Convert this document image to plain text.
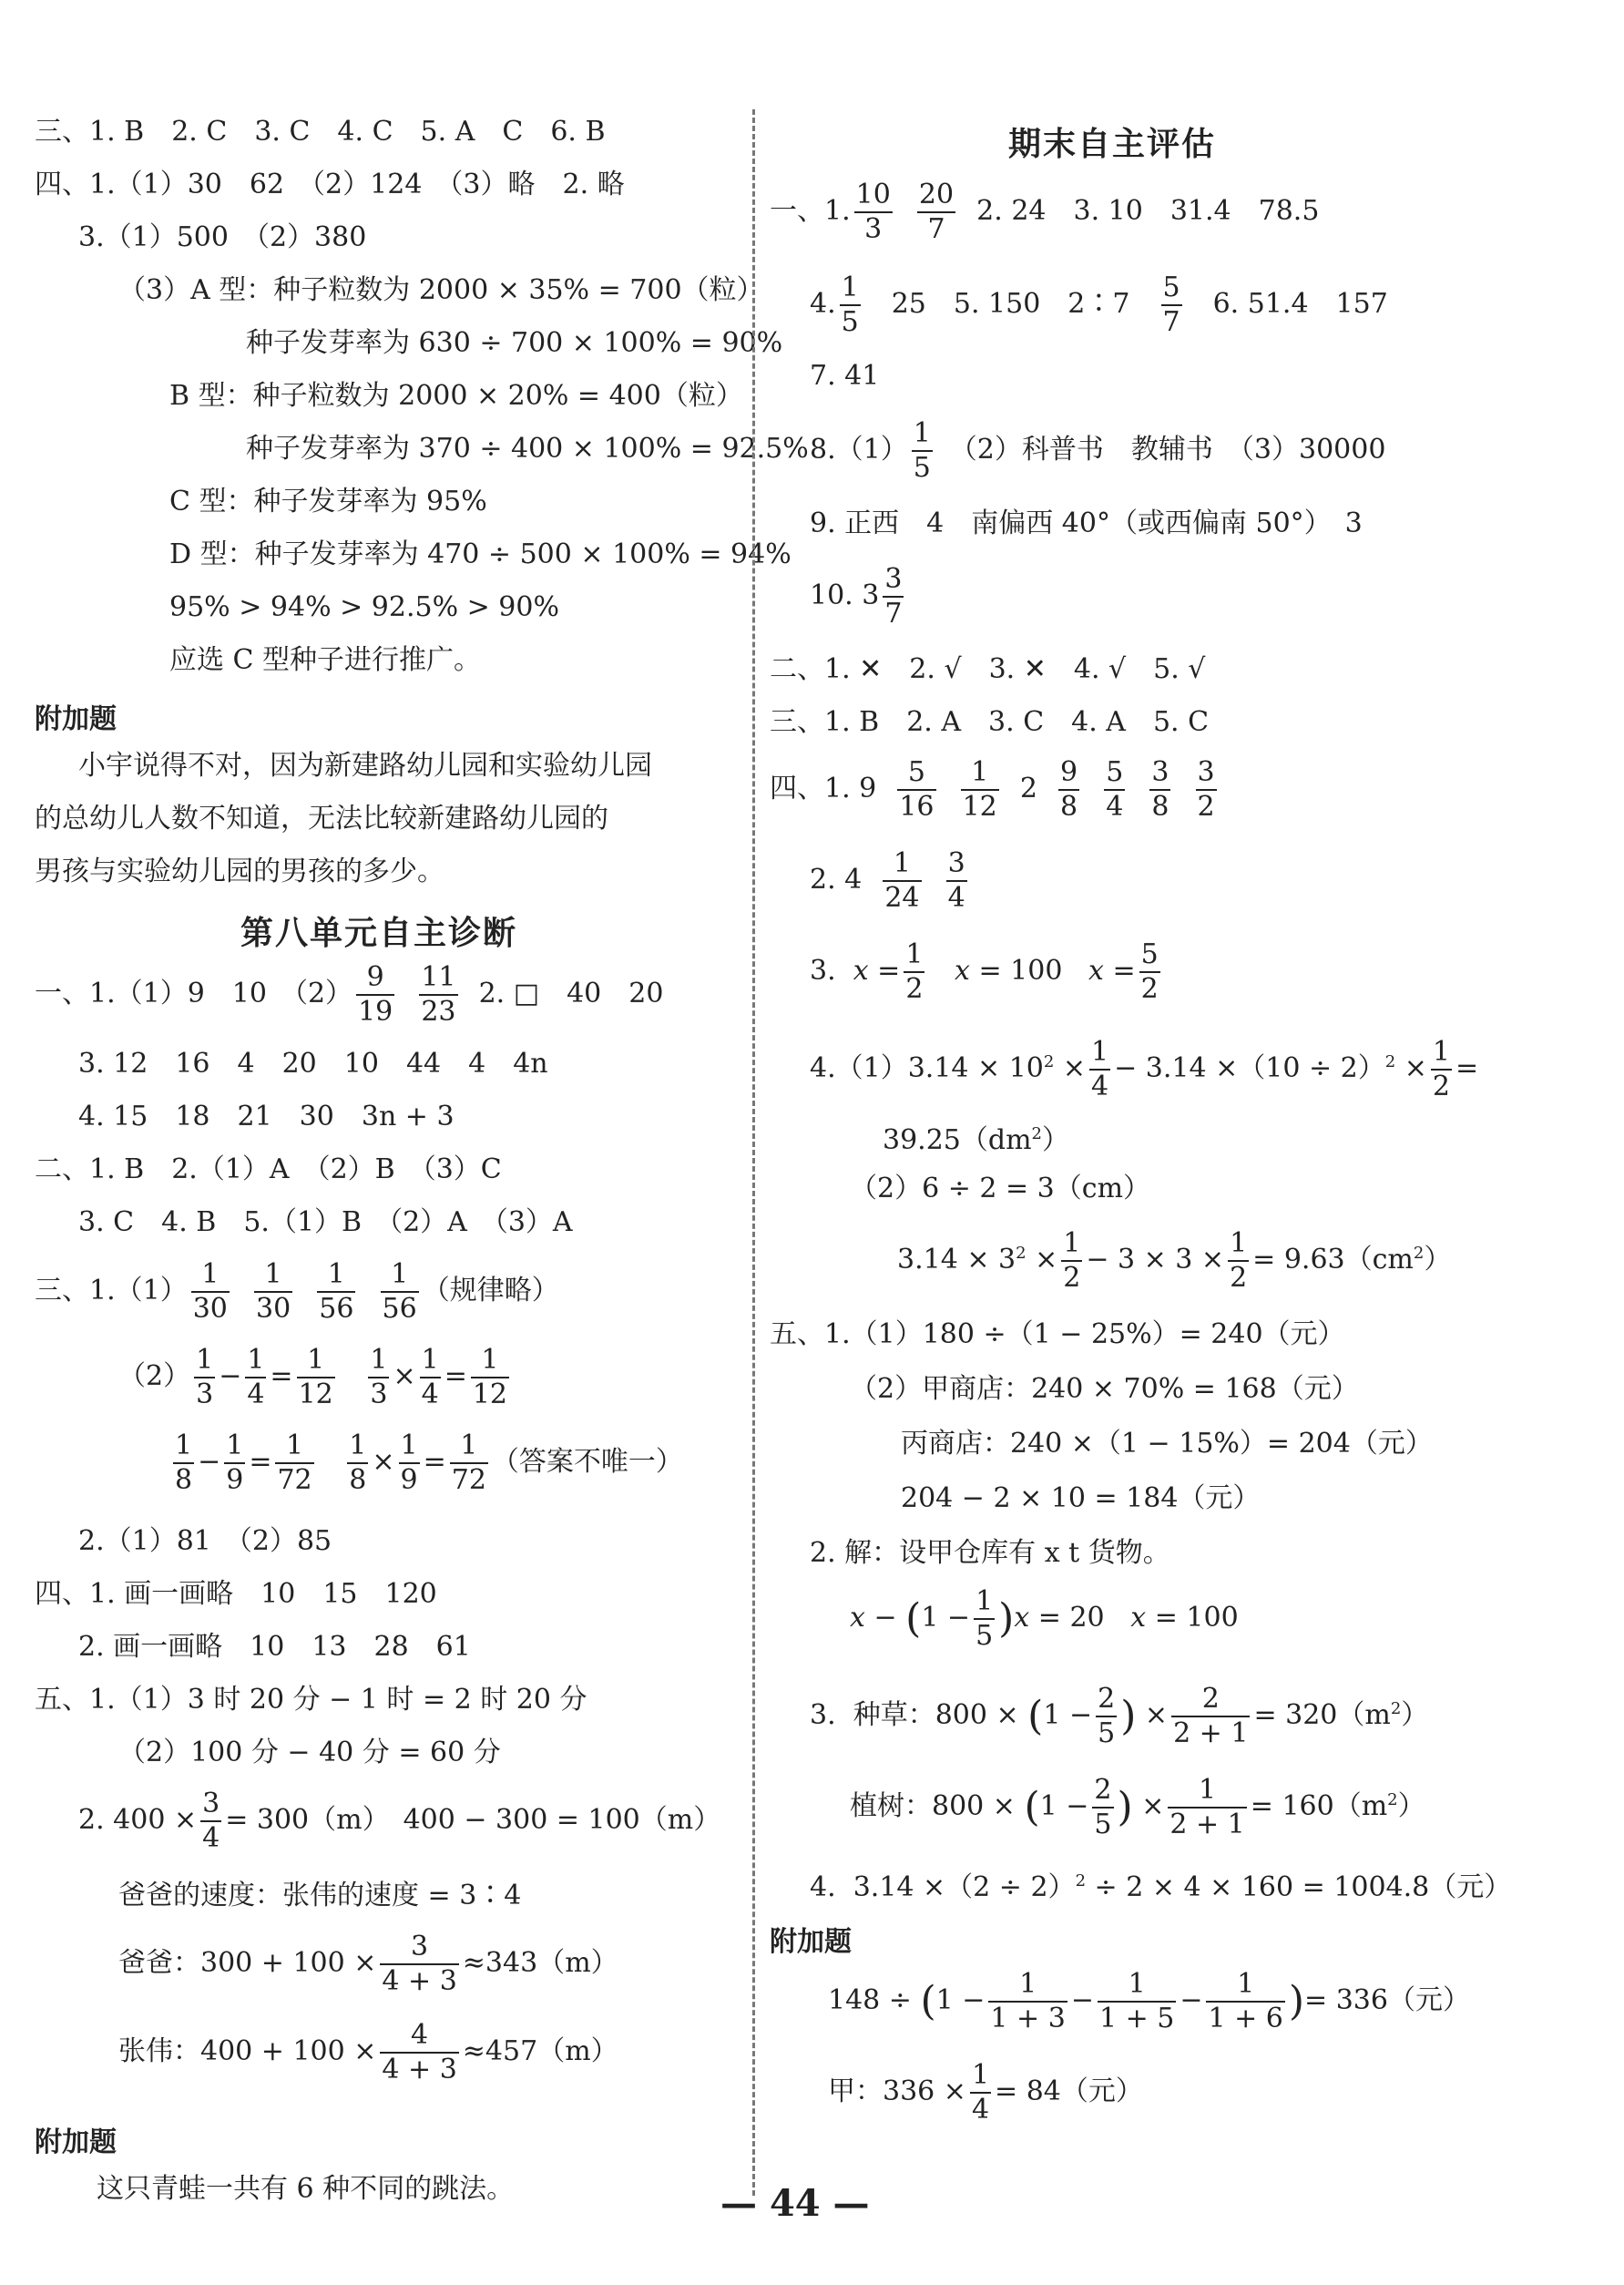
三、1. B　2. C　3. C　4. C　5. A　C　6. B
四、1.（1）30　62　（2）124　（3）略　2. 略
3.（1）500　（2）380
（3）A 型：种子粒数为 2000 × 35% = 700（粒）
种子发芽率为 630 ÷ 700 × 100% = 90%
B 型：种子粒数为 2000 × 20% = 400（粒）
种子发芽率为 370 ÷ 400 × 100% = 92.5%
C 型：种子发芽率为 95%
D 型：种子发芽率为 470 ÷ 500 × 100% = 94%
95% > 94% > 92.5% > 90%
应选 C 型种子进行推广。
附加题
小宇说得不对，因为新建路幼儿园和实验幼儿园
的总幼儿人数不知道，无法比较新建路幼儿园的
男孩与实验幼儿园的男孩的多少。
第八单元自主诊断
一、1.（1）9　10　$(2) \frac{9}{19}$
$\frac{11}{23} 2$. □　40　20
3. 12　16　4　20　10　44　4　4n
4. 15　18　21　30　3n + 3
二、1. B　2.（1）A　（2）B　（3）C
3. C　4. B　5.（1）B　（2）A　（3）A
三、$1.(1) \frac{1}{30}$
$\frac{1}{30}$
$\frac{1}{56}$
$\frac{1}{56}$ （规律略）
$(2) \frac{1}{3} - \frac{1}{4} = \frac{1}{12}$
$\frac{1}{3} \times \frac{1}{4} = \frac{1}{12}$
$\frac{1}{8} - \frac{1}{9} = \frac{1}{72}$
$\frac{1}{8} \times \frac{1}{9} = \frac{1}{72}$ （答案不唯一）
2.（1）81　（2）85
四、1. 画一画略　10　15　120
2. 画一画略　10　13　28　61
五、1.（1）3 时 20 分 − 1 时 = 2 时 20 分
（2）100 分 − 40 分 = 60 分
2. $400 \times \frac{3}{4} = 300(m)$　400 − 300 = 100（m）
爸爸的速度：张伟的速度 = 3∶4
爸爸：$300 + 100 \times \frac{3}{4 + 3} \approx 343(m)$
张伟：$400 + 100 \times \frac{4}{4 + 3} \approx 457(m)$
附加题
这只青蛙一共有 6 种不同的跳法。
期末自主评估
一、1. $\frac{10}{3}$
$\frac{20}{7} 2$. 24　3. 10　31.4　78.5
4. $\frac{1}{5}$ 　25　5. 150　2∶7　 $\frac{5}{7}$ 　6. 51.4　157
7. 41
$8.(1) \frac{1}{5}$ 　（2）科普书　教辅书　（3）30000
9. 正西　4　南偏西 40°（或西偏南 50°）　3
10. $3 \frac{3}{7}$
二、1. ✕　2. √　3. ✕　4. √　5. √
三、1. B　2. A　3. C　4. A　5. C
四、1. $9 \frac{5}{16}$
$\frac{1}{12} 2 \frac{9}{8}$
$\frac{5}{4}$
$\frac{3}{8}$
$\frac{3}{2}$
2. $4 \frac{1}{24}$
$\frac{3}{4}$
3.  $x = \frac{1}{2}$ x = 100   $x = \frac{5}{2}$
$4.(1)3.14 \times 10^2 \times \frac{1}{4} - 3.14 \times(10 \div 2)^2 \times \frac{1}{2}$ =
$39.25(dm^2)$
（2）6 ÷ 2 = 3（cm）
$3.14 \times 3^2 \times \frac{1}{2} - 3 \times 3 \times \frac{1}{2} = 9.63(cm^2)$
五、1.（1）180 ÷（1 − 25%）= 240（元）
（2）甲商店：240 × 70% = 168（元）
丙商店：240 ×（1 − 15%）= 204（元）
204 − 2 × 10 = 184（元）
2. 解：设甲仓库有 x t 货物。
$x - (1 - \frac{1}{5} )x = 20$   x = 100
3.  种草：$800 \times (1 - \frac{2}{5}$ ) × $\frac{2}{2 + 1} = 320(m^2)$
植树：$800 \times (1 - \frac{2}{5}$ ) × $\frac{1}{2 + 1} = 160(m^2)$
4.  $3.14 \times(2 \div 2)^2 \div 2 \times 4 \times 160 = 1004.8$（元）
附加题
$148 \div (1 - \frac{1}{1 + 3} - \frac{1}{1 + 5} - \frac{1}{1 + 6}$ )= 336（元）
甲：$336 \times \frac{1}{4} = 84$（元）
— 44 —
